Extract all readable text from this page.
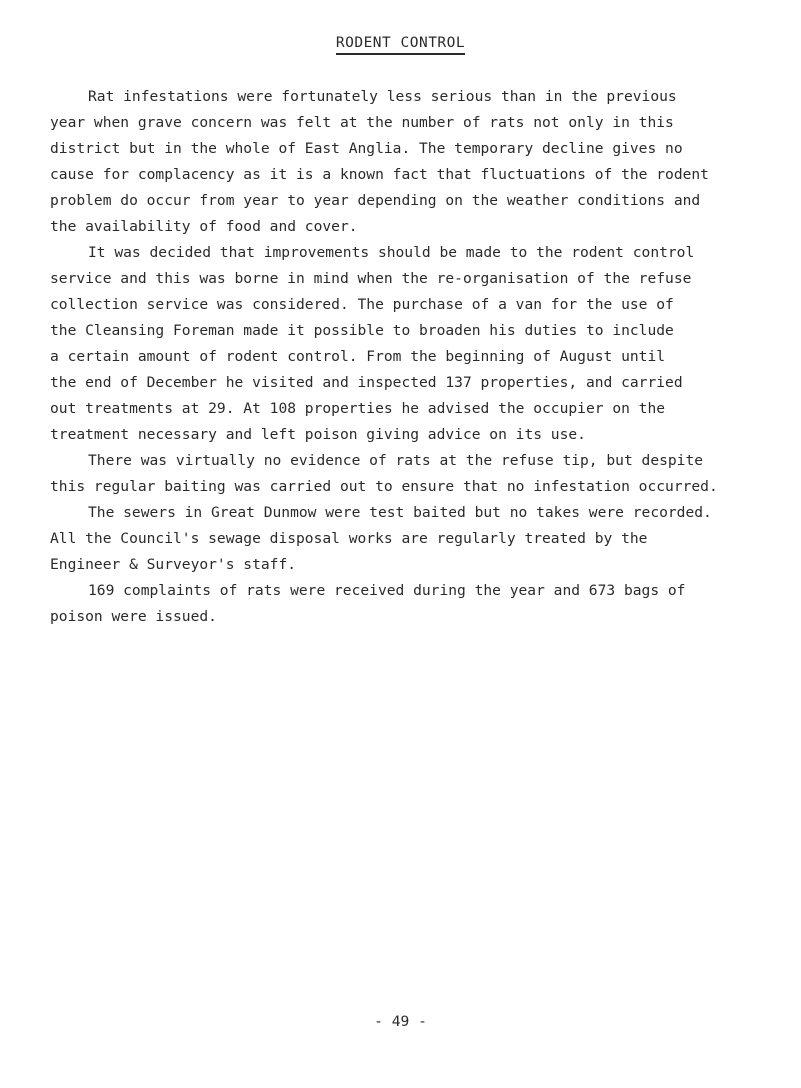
RODENT CONTROL
Rat infestations were fortunately less serious than in the previous
year when grave concern was felt at the number of rats not only in this
district but in the whole of East Anglia. The temporary decline gives no
cause for complacency as it is a known fact that fluctuations of the rodent
problem do occur from year to year depending on the weather conditions and
the availability of food and cover.
It was decided that improvements should be made to the rodent control
service and this was borne in mind when the re-organisation of the refuse
collection service was considered. The purchase of a van for the use of
the Cleansing Foreman made it possible to broaden his duties to include
a certain amount of rodent control. From the beginning of August until
the end of December he visited and inspected 137 properties, and carried
out treatments at 29. At 108 properties he advised the occupier on the
treatment necessary and left poison giving advice on its use.
There was virtually no evidence of rats at the refuse tip, but despite
this regular baiting was carried out to ensure that no infestation occurred.
The sewers in Great Dunmow were test baited but no takes were recorded.
All the Council's sewage disposal works are regularly treated by the
Engineer & Surveyor's staff.
169 complaints of rats were received during the year and 673 bags of
poison were issued.
- 49 -
